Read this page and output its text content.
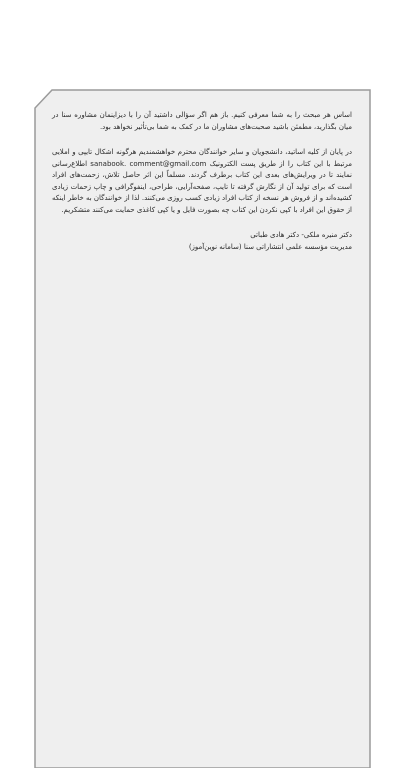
اساس هر مبحث را به شما معرفی کنیم. باز هم اگر سؤالی داشتید آن را با دیزاینمان مشاوره سنا در میان بگذارید، مطمئن باشید صحبت‌های مشاوران ما در کمک به شما بی‌تأثیر نخواهد بود.

در پایان از کلیه اساتید، دانشجویان و سایر خوانندگان محترم خواهشمندیم هرگونه اشکال تایپی و املایی مرتبط با این کتاب را از طریق پست الکترونیک sanabook. comment@gmail.com اطلاع‌رسانی نمایند تا در ویرایش‌های بعدی این کتاب برطرف گردند. مسلماً این اثر حاصل تلاش، زحمت‌های افراد است که برای تولید آن از نگارش گرفته تا تایپ، صفحه‌آرایی، طراحی، اینفوگرافی و چاپ زحمات زیادی کشیده‌اند و از فروش هر نسخه از کتاب افراد زیادی کسب روزی می‌کنند. لذا از خوانندگان به خاطر اینکه از حقوق این افراد با کپی نکردن این کتاب چه بصورت فایل و یا کپی کاغذی حمایت می‌کنند متشکریم.

دکتر منیره ملکی- دکتر هادی طباتی
مدیریت مؤسسه علمی انتشاراتی سنا (سامانه نوین‌آموز)
